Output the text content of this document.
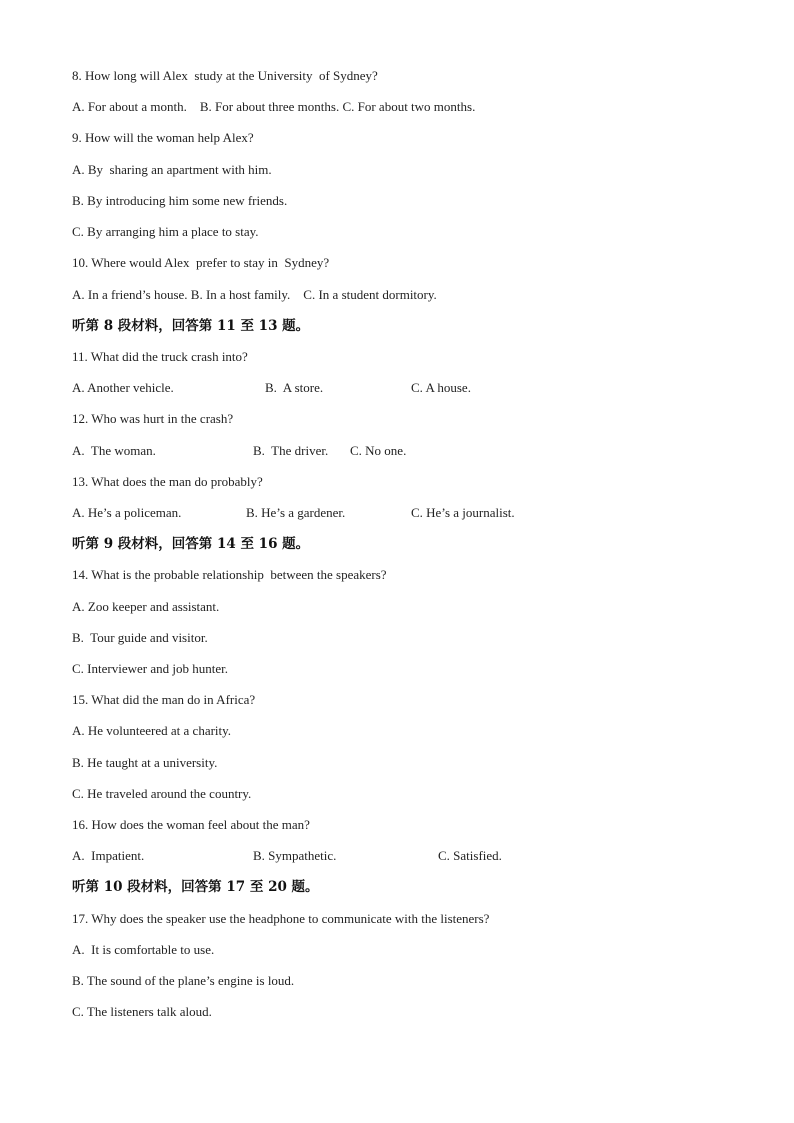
8. How long will Alex  study at the University  of Sydney?
A. For about a month.    B. For about three months. C. For about two months.
9. How will the woman help Alex?
A. By  sharing an apartment with him.
B. By introducing him some new friends.
C. By arranging him a place to stay.
10. Where would Alex  prefer to stay in  Sydney?
A. In a friend’s house. B. In a host family.    C. In a student dormitory.
听第 8 段材料，回答第 11 至 13 题。
11. What did the truck crash into?
A. Another vehicle.	B.  A store.	C. A house.
12. Who was hurt in the crash?
A.  The woman.	B.  The driver. C. No one.
13. What does the man do probably?
A. He’s a policeman.	B. He’s a gardener.	C. He’s a journalist.
听第 9 段材料，回答第 14 至 16 题。
14. What is the probable relationship  between the speakers?
A. Zoo keeper and assistant.
B.  Tour guide and visitor.
C. Interviewer and job hunter.
15. What did the man do in Africa?
A. He volunteered at a charity.
B. He taught at a university.
C. He traveled around the country.
16. How does the woman feel about the man?
A.  Impatient.	B. Sympathetic.	C. Satisfied.
听第 10 段材料，回答第 17 至 20 题。
17. Why does the speaker use the headphone to communicate with the listeners?
A.  It is comfortable to use.
B. The sound of the plane’s engine is loud.
C. The listeners talk aloud.
